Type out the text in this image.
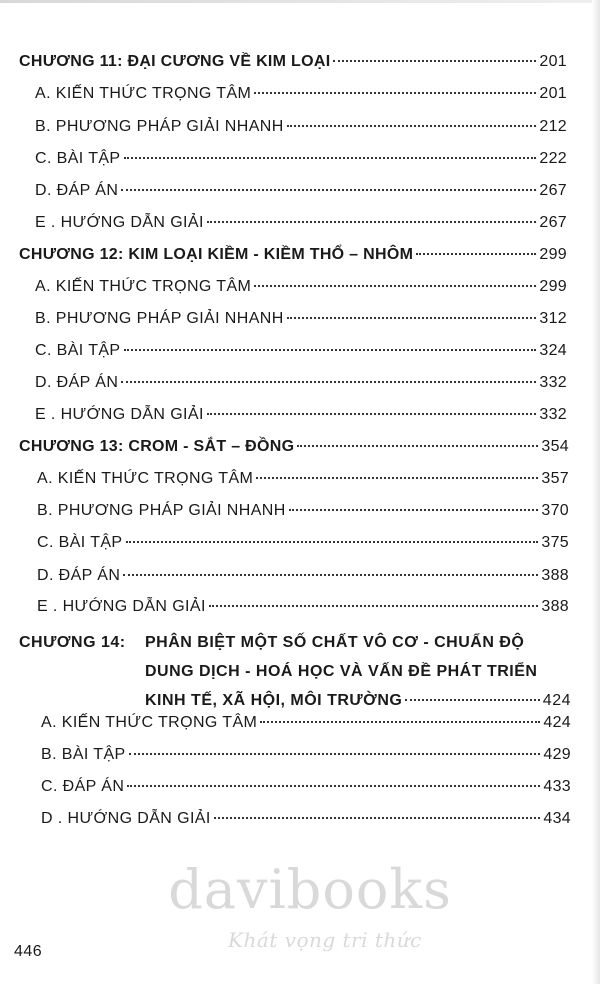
CHƯƠNG 11: ĐẠI CƯƠNG VỀ KIM LOẠI	201
A. KIẾN THỨC TRỌNG TÂM	201
B. PHƯƠNG PHÁP GIẢI NHANH	212
C. BÀI TẬP	222
D. ĐÁP ÁN	267
E . HƯỚNG DẪN GIẢI	267
CHƯƠNG 12: KIM LOẠI KIỀM - KIỀM THỔ – NHÔM	299
A. KIẾN THỨC TRỌNG TÂM	299
B. PHƯƠNG PHÁP GIẢI NHANH	312
C. BÀI TẬP	324
D. ĐÁP ÁN	332
E . HƯỚNG DẪN GIẢI	332
CHƯƠNG 13: CROM - SẮT – ĐỒNG	354
A. KIẾN THỨC TRỌNG TÂM	357
B. PHƯƠNG PHÁP GIẢI NHANH	370
C. BÀI TẬP	375
D. ĐÁP ÁN	388
E . HƯỚNG DẪN GIẢI	388
CHƯƠNG 14:	PHÂN BIỆT MỘT SỐ CHẤT VÔ CƠ - CHUẨN ĐỘ
DUNG DỊCH - HOÁ HỌC VÀ VẤN ĐỀ PHÁT TRIỂN
KINH TẾ, XÃ HỘI, MÔI TRƯỜNG	424
A. KIẾN THỨC TRỌNG TÂM	424
B. BÀI TẬP	429
C. ĐÁP ÁN	433
D . HƯỚNG DẪN GIẢI	434
davibooks
Khát vọng tri thức
446
